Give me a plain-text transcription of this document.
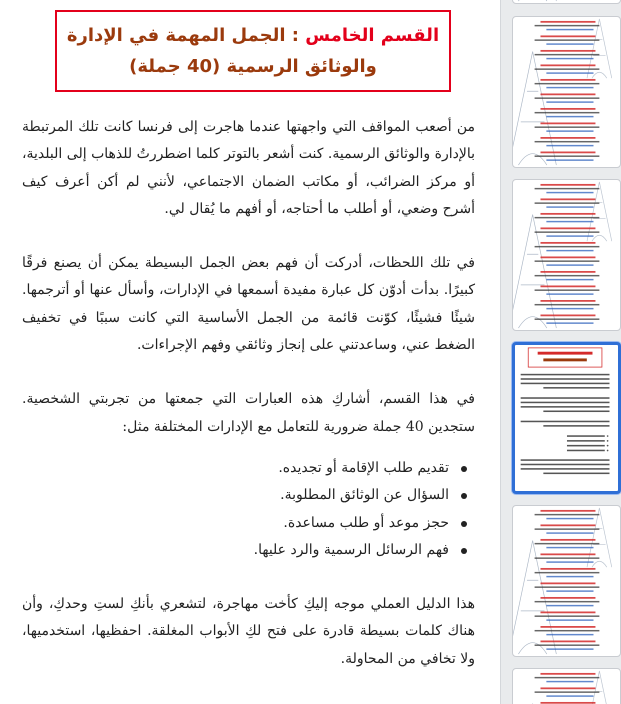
القسم الخامس : الجمل المهمة في الإدارة
والوثائق الرسمية (40 جملة)

من أصعب المواقف التي واجهتها عندما هاجرت إلى فرنسا كانت تلك المرتبطة بالإدارة والوثائق الرسمية. كنت أشعر بالتوتر كلما اضطررتُ للذهاب إلى البلدية، أو مركز الضرائب، أو مكاتب الضمان الاجتماعي، لأنني لم أكن أعرف كيف أشرح وضعي، أو أطلب ما أحتاجه، أو أفهم ما يُقال لي.

في تلك اللحظات، أدركت أن فهم بعض الجمل البسيطة يمكن أن يصنع فرقًا كبيرًا. بدأت أدوّن كل عبارة مفيدة أسمعها في الإدارات، وأسأل عنها أو أترجمها. شيئًا فشيئًا، كوّنت قائمة من الجمل الأساسية التي كانت سببًا في تخفيف الضغط عني، وساعدتني على إنجاز وثائقي وفهم الإجراءات.

في هذا القسم، أشاركِ هذه العبارات التي جمعتها من تجربتي الشخصية. ستجدين 40 جملة ضرورية للتعامل مع الإدارات المختلفة مثل:

تقديم طلب الإقامة أو تجديده.
السؤال عن الوثائق المطلوبة.
حجز موعد أو طلب مساعدة.
فهم الرسائل الرسمية والرد عليها.

هذا الدليل العملي موجه إليكِ كأخت مهاجرة، لتشعري بأنكِ لستِ وحدكِ، وأن هناك كلمات بسيطة قادرة على فتح لكِ الأبواب المغلقة. احفظيها، استخدميها، ولا تخافي من المحاولة.
